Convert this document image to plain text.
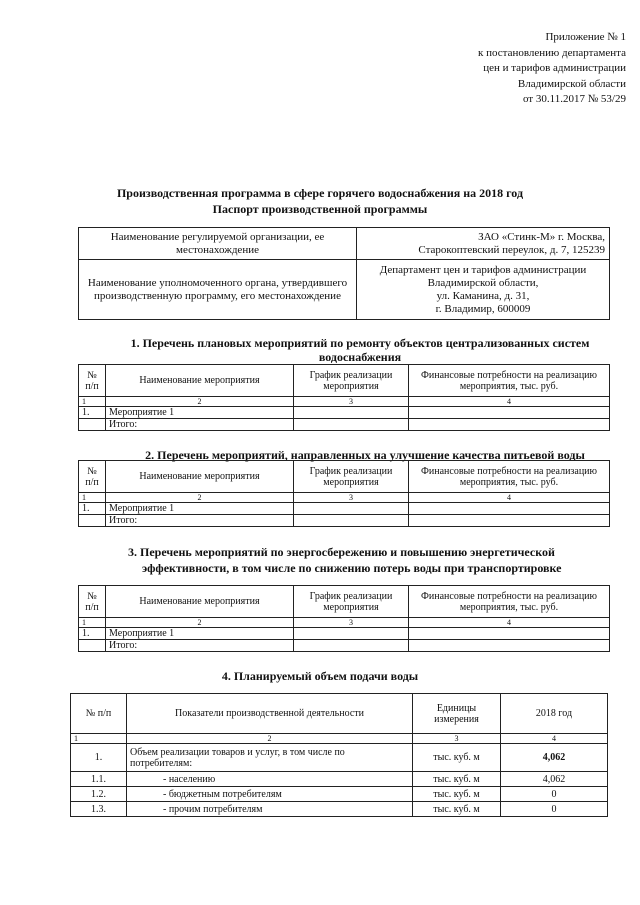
Приложение № 1
к постановлению департамента
цен и тарифов администрации
Владимирской области
от 30.11.2017 № 53/29
Производственная программа в сфере горячего водоснабжения на 2018 год
Паспорт производственной программы
Наименование регулируемой организации, ее местонахождение	ЗАО «Стинк-М» г. Москва,
Старокоптевский переулок, д. 7, 125239

Наименование уполномоченного органа, утвердившего производственную программу, его местонахождение	Департамент цен и тарифов администрации
Владимирской области,
ул. Каманина, д. 31,
г. Владимир, 600009
1. Перечень плановых мероприятий по ремонту объектов централизованных систем
водоснабжения
№ п/п	Наименование мероприятия	График реализации мероприятия	Финансовые потребности на реализацию мероприятия, тыс. руб.
1	2	3	4
1.	Мероприятие 1		
	Итого:		
2. Перечень мероприятий, направленных на улучшение качества питьевой воды
№ п/п	Наименование мероприятия	График реализации мероприятия	Финансовые потребности на реализацию мероприятия, тыс. руб.
1	2	3	4
1.	Мероприятие 1		
	Итого:		
3. Перечень мероприятий по энергосбережению и повышению энергетической
эффективности, в том числе по снижению потерь воды при транспортировке
№ п/п	Наименование мероприятия	График реализации мероприятия	Финансовые потребности на реализацию мероприятия, тыс. руб.
1	2	3	4
1.	Мероприятие 1		
	Итого:		
4. Планируемый объем подачи воды
№ п/п	Показатели производственной деятельности	Единицы измерения	2018 год
1	2	3	4
1.	Объем реализации товаров и услуг, в том числе по потребителям:	тыс. куб. м	4,062
1.1.	- населению	тыс. куб. м	4,062
1.2.	- бюджетным потребителям	тыс. куб. м	0
1.3.	- прочим потребителям	тыс. куб. м	0
